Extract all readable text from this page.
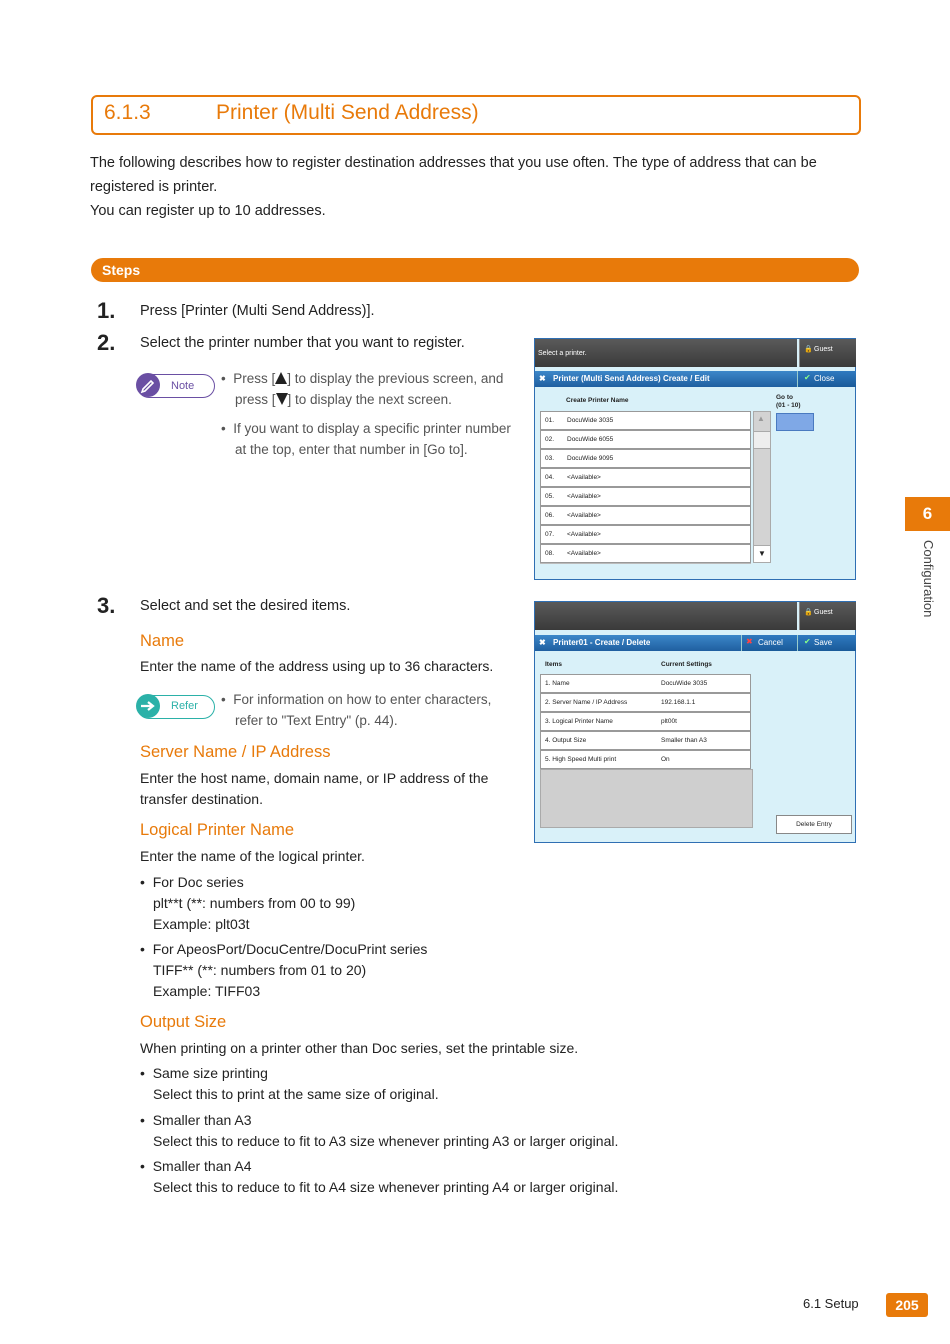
6.1.3	Printer (Multi Send Address)
The following describes how to register destination addresses that you use often. The type of address that can be
registered is printer.
You can register up to 10 addresses.
Steps
1. Press [Printer (Multi Send Address)].
2. Select the printer number that you want to register.
Note •  Press [ ] to display the previous screen, and
press [ ] to display the next screen.
•  If you want to display a specific printer number
at the top, enter that number in [Go to].
Select a printer.
🔒 Guest
✖ Printer (Multi Send Address) Create / Edit	✔ Close
Create Printer Name	Go to
(01 - 10)
01. DocuWide 3035
02. DocuWide 6055
03. DocuWide 9095
04. <Available>
05. <Available>
06. <Available>
07. <Available>
08. <Available>
▲
▼
3. Select and set the desired items.
Name
Enter the name of the address using up to 36 characters.
Refer •  For information on how to enter characters,
refer to "Text Entry" (p. 44).
Server Name / IP Address
Enter the host name, domain name, or IP address of the
transfer destination.
Logical Printer Name
Enter the name of the logical printer.
•  For Doc series
plt**t (**: numbers from 00 to 99)
Example: plt03t
•  For ApeosPort/DocuCentre/DocuPrint series
TIFF** (**: numbers from 01 to 20)
Example: TIFF03
Output Size
When printing on a printer other than Doc series, set the printable size.
•  Same size printing
Select this to print at the same size of original.
•  Smaller than A3
Select this to reduce to fit to A3 size whenever printing A3 or larger original.
•  Smaller than A4
Select this to reduce to fit to A4 size whenever printing A4 or larger original.
🔒 Guest
✖ Printer01 - Create / Delete	✖ Cancel	✔ Save
Items	Current Settings
1. Name	DocuWide 3035
2. Server Name / IP Address	192.168.1.1
3. Logical Printer Name	plt00t
4. Output Size	Smaller than A3
5. High Speed Multi print	On
Delete Entry
6
Configuration
6.1 Setup	205
